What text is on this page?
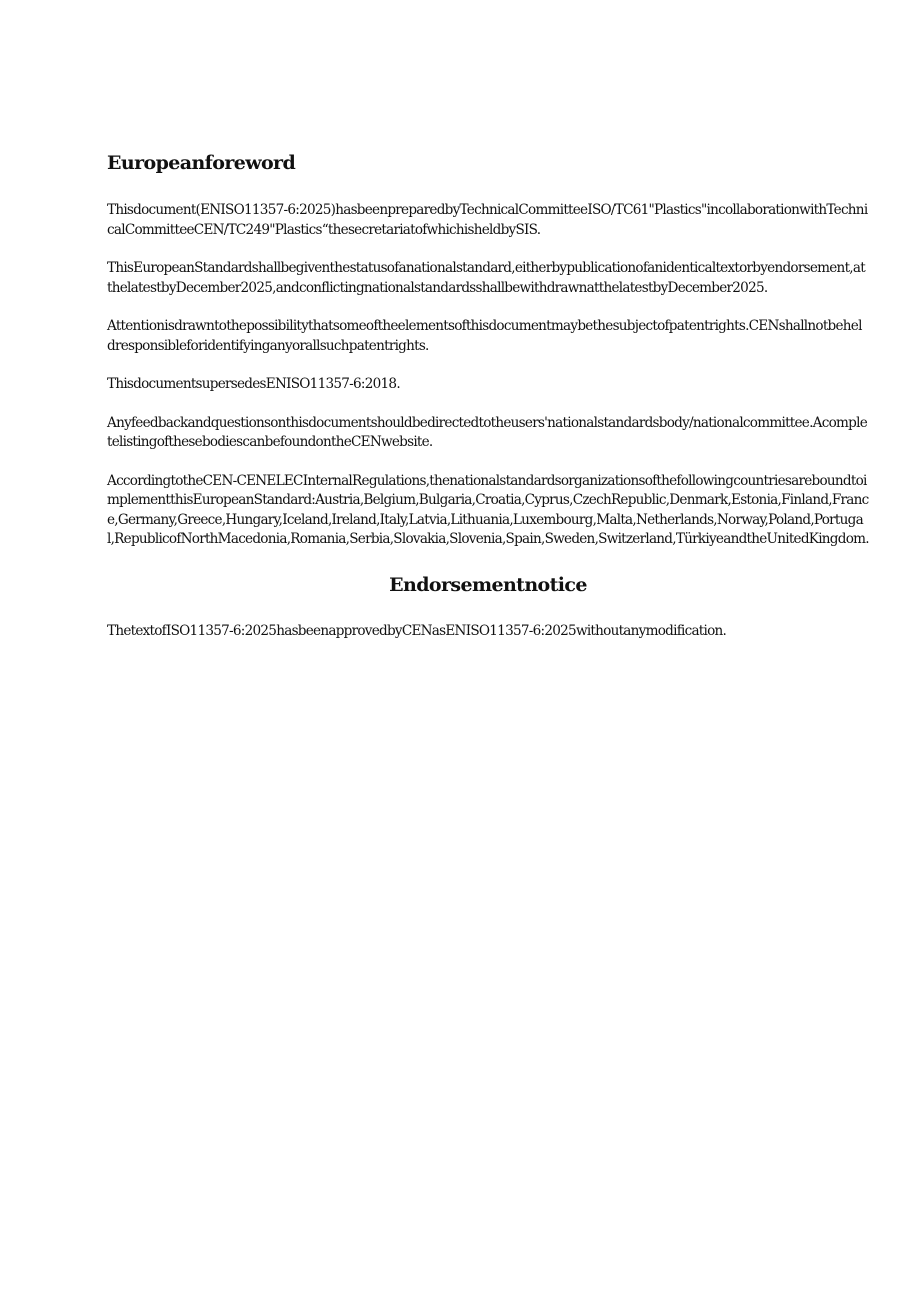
Europeanforeword

Thisdocument(ENISO11357-6:2025)hasbeenpreparedbyTechnicalCommitteeISO/TC61"Plastics"incollaborationwithTechnicalCommitteeCEN/TC249"Plastics“thesecretariatofwhichisheldbySIS.

ThisEuropeanStandardshallbegiventhestatusofanationalstandard,eitherbypublicationofanidenticaltextorbyendorsement,atthelatestbyDecember2025,andconflictingnationalstandardsshallbewithdrawnatthelatestbyDecember2025.

Attentionisdrawntothepossibilitythatsomeoftheelementsofthisdocumentmaybethesubjectofpatentrights.CENshallnotbeheldresponsibleforidentifyinganyorallsuchpatentrights.

ThisdocumentsupersedesENISO11357-6:2018.

Anyfeedbackandquestionsonthisdocumentshouldbedirectedtotheusers'nationalstandardsbody/nationalcommittee.AcompletelistingofthesebodiescanbefoundontheCENwebsite.

AccordingtotheCEN-CENELECInternalRegulations,thenationalstandardsorganizationsofthefollowingcountriesareboundtoimplementthisEuropeanStandard:Austria,Belgium,Bulgaria,Croatia,Cyprus,CzechRepublic,Denmark,Estonia,Finland,France,Germany,Greece,Hungary,Iceland,Ireland,Italy,Latvia,Lithuania,Luxembourg,Malta,Netherlands,Norway,Poland,Portugal,RepublicofNorthMacedonia,Romania,Serbia,Slovakia,Slovenia,Spain,Sweden,Switzerland,TürkiyeandtheUnitedKingdom.

Endorsementnotice

ThetextofISO11357-6:2025hasbeenapprovedbyCENasENISO11357-6:2025withoutanymodification.
